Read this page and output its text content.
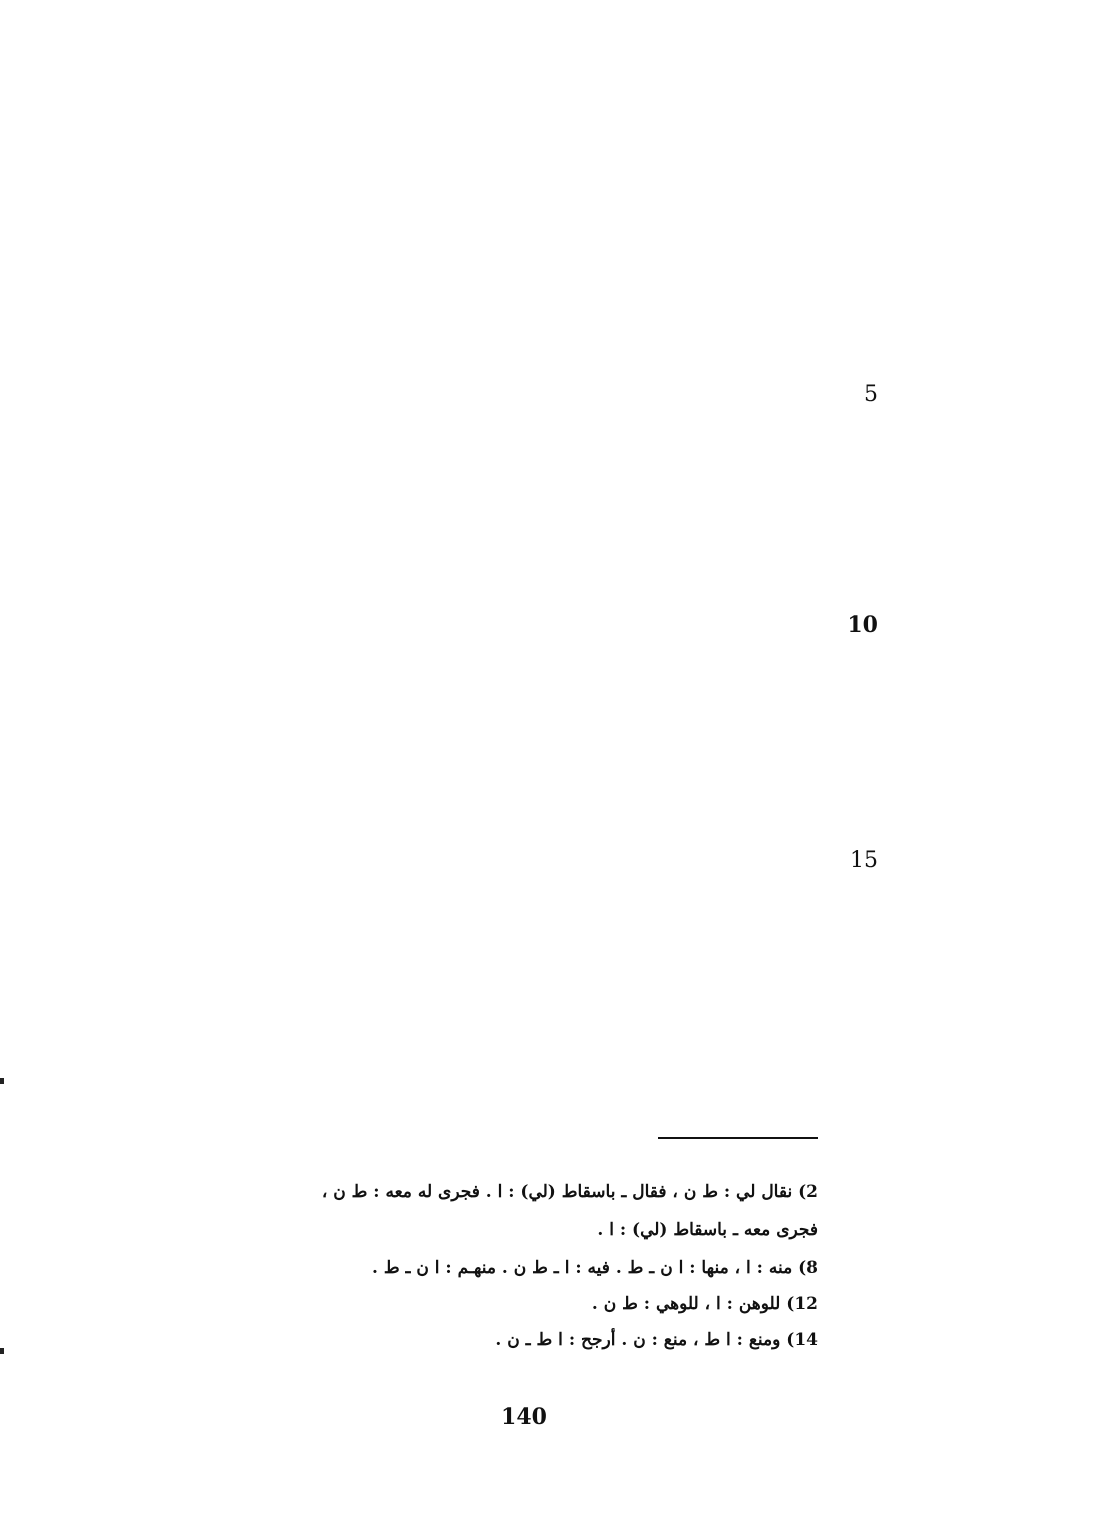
5
10
15
2) نقال لي : ط ن ، فقال ـ باسقاط (لي) : ا . فجرى له معه : ط ن ،
فجرى معه ـ باسقاط (لي) : ا .
8) منه : ا ، منها : ا ن ـ ط . فيه : ا ـ ط ن . منهـم : ا ن ـ ط .
12) للوهن : ا ، للوهي : ط ن .
14) ومنع : ا ط ، منع : ن . أرجح : ا ط ـ ن .
140
